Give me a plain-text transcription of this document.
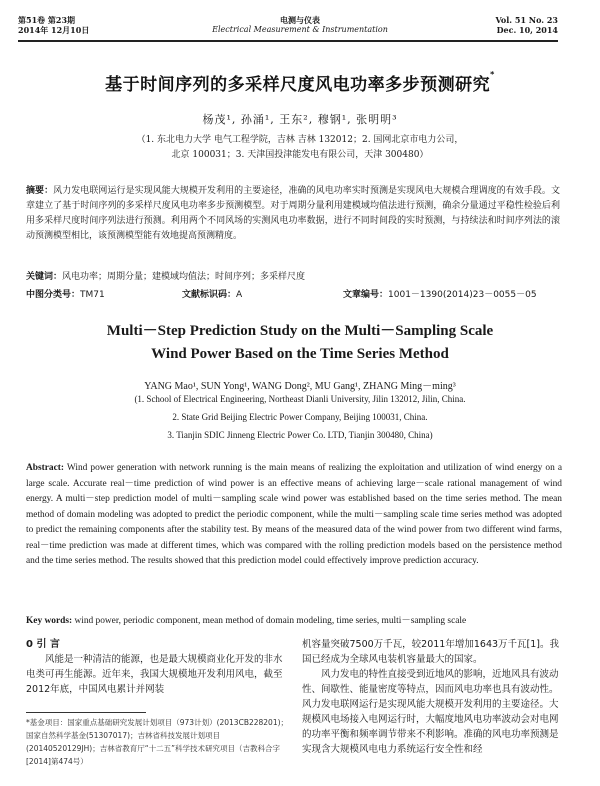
第51卷 第23期
2014年 12月10日
电测与仪表
Electrical Measurement & Instrumentation
Vol. 51 No. 23
Dec. 10, 2014
基于时间序列的多采样尺度风电功率多步预测研究*
杨茂¹, 孙涌¹, 王东², 穆钢¹, 张明明³
（1. 东北电力大学 电气工程学院，吉林 吉林 132012；2. 国网北京市电力公司，
北京 100031；3. 天津国投津能发电有限公司，天津 300480）
摘要：风力发电联网运行是实现风能大规模开发利用的主要途径，准确的风电功率实时预测是实现风电大规模合理调度的有效手段。文章建立了基于时间序列的多采样尺度风电功率多步预测模型。对于周期分量利用建模域均值法进行预测，确余分量通过平稳性检验后利用多采样尺度时间序列法进行预测。利用两个不同风场的实测风电功率数据，进行不同时间段的实时预测，与持续法和时间序列法的滚动预测模型相比，该预测模型能有效地提高预测精度。
关键词：风电功率；周期分量；建模域均值法；时间序列；多采样尺度
中图分类号：TM71	文献标识码：A	文章编号：1001－1390(2014)23－0055－05
Multi－Step Prediction Study on the Multi－Sampling Scale
Wind Power Based on the Time Series Method
YANG Mao¹, SUN Yong¹, WANG Dong², MU Gang¹, ZHANG Ming－ming³
(1. School of Electrical Engineering, Northeast Dianli University, Jilin 132012, Jilin, China.
2. State Grid Beijing Electric Power Company, Beijing 100031, China.
3. Tianjin SDIC Jinneng Electric Power Co. LTD, Tianjin 300480, China)
Abstract: Wind power generation with network running is the main means of realizing the exploitation and utilization of wind energy on a large scale. Accurate real－time prediction of wind power is an effective means of achieving large－scale rational management of wind energy. A multi－step prediction model of multi－sampling scale wind power was established based on the time series method. The mean method of domain modeling was adopted to predict the periodic component, while the multi－sampling scale time series method was adopted to predict the remaining components after the stability test. By means of the measured data of the wind power from two different wind farms, real－time prediction was made at different times, which was compared with the rolling prediction models based on the persistence method and the time series method. The results showed that this prediction model could effectively improve prediction accuracy.
Key words: wind power, periodic component, mean method of domain modeling, time series, multi－sampling scale
0 引 言

风能是一种清洁的能源，也是最大规模商业化开发的非水电类可再生能源。近年来，我国大规模地开发利用风电，截至2012年底，中国风电累计并网装

机容量突破7500万千瓦，较2011年增加1643万千瓦[1]。我国已经成为全球风电装机容量最大的国家。

风力发电的特性直接受到近地风的影响，近地风具有波动性、间歇性、能量密度等特点，因而风电功率也具有波动性。风力发电联网运行是实现风能大规模开发利用的主要途径。大规模风电场接入电网运行时，大幅度地风电功率波动会对电网的功率平衡和频率调节带来不利影响。准确的风电功率预测是实现含大规模风电电力系统运行安全性和经

*基金项目：国家重点基础研究发展计划项目（973计划）(2013CB228201)；国家自然科学基金(51307017)；吉林省科技发展计划项目(20140520129JH)；吉林省教育厅“十二五”科学技术研究项目（吉教科合字[2014]第474号）
